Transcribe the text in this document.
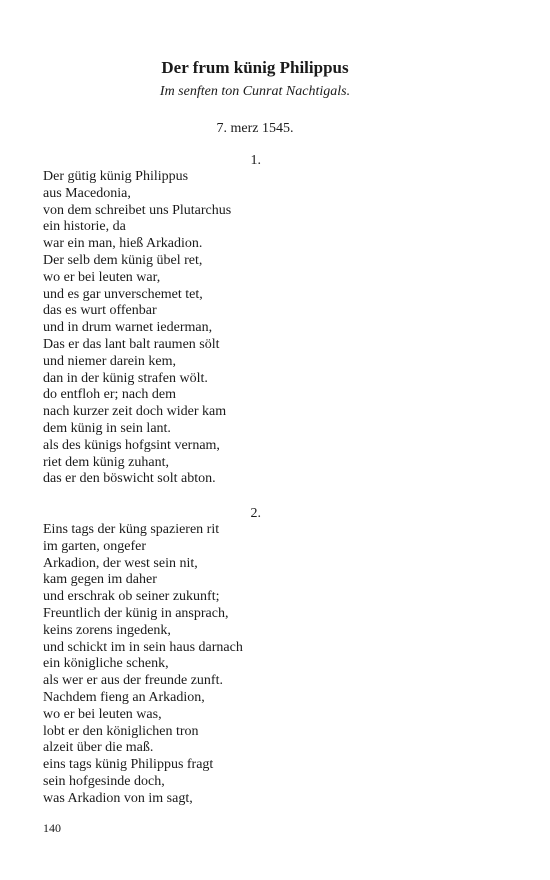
Der frum künig Philippus
Im senften ton Cunrat Nachtigals.
7. merz 1545.
1.
Der gütig künig Philippus
aus Macedonia,
von dem schreibet uns Plutarchus
ein historie, da
war ein man, hieß Arkadion.
Der selb dem künig übel ret,
wo er bei leuten war,
und es gar unverschemet tet,
das es wurt offenbar
und in drum warnet iederman,
Das er das lant balt raumen sölt
und niemer darein kem,
dan in der künig strafen wölt.
do entfloh er; nach dem
nach kurzer zeit doch wider kam
dem künig in sein lant.
als des künigs hofgsint vernam,
riet dem künig zuhant,
das er den böswicht solt abton.
2.
Eins tags der küng spazieren rit
im garten, ongefer
Arkadion, der west sein nit,
kam gegen im daher
und erschrak ob seiner zukunft;
Freuntlich der künig in ansprach,
keins zorens ingedenk,
und schickt im in sein haus darnach
ein königliche schenk,
als wer er aus der freunde zunft.
Nachdem fieng an Arkadion,
wo er bei leuten was,
lobt er den königlichen tron
alzeit über die maß.
eins tags künig Philippus fragt
sein hofgesinde doch,
was Arkadion von im sagt,
140
